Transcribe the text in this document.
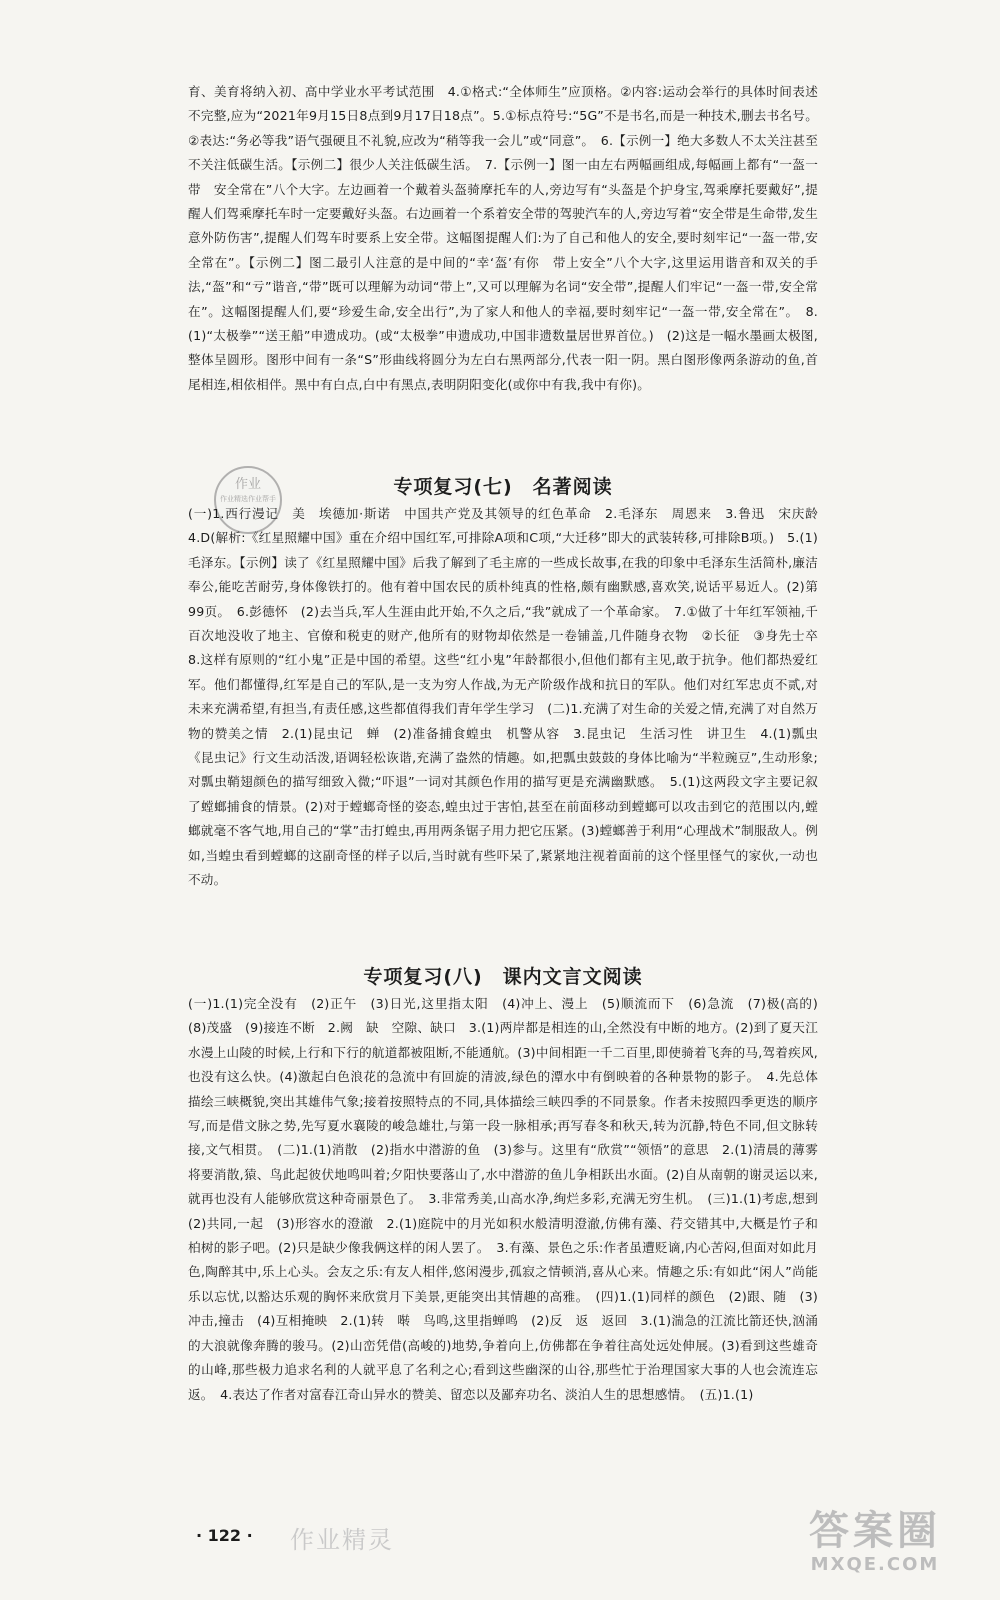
育、美育将纳入初、高中学业水平考试范围　4.①格式:“全体师生”应顶格。②内容:运动会举行的具体时间表述不完整,应为“2021年9月15日8点到9月17日18点”。5.①标点符号:“5G”不是书名,而是一种技术,删去书名号。②表达:“务必等我”语气强硬且不礼貌,应改为“稍等我一会儿”或“同意”。　6.【示例一】绝大多数人不太关注甚至不关注低碳生活。【示例二】很少人关注低碳生活。　7.【示例一】图一由左右两幅画组成,每幅画上都有“一盔一带　安全常在”八个大字。左边画着一个戴着头盔骑摩托车的人,旁边写有“头盔是个护身宝,驾乘摩托要戴好”,提醒人们驾乘摩托车时一定要戴好头盔。右边画着一个系着安全带的驾驶汽车的人,旁边写着“安全带是生命带,发生意外防伤害”,提醒人们驾车时要系上安全带。这幅图提醒人们:为了自己和他人的安全,要时刻牢记“一盔一带,安全常在”。【示例二】图二最引人注意的是中间的“幸‘盔’有你　带上安全”八个大字,这里运用谐音和双关的手法,“盔”和“亏”谐音,“带”既可以理解为动词“带上”,又可以理解为名词“安全带”,提醒人们牢记“一盔一带,安全常在”。这幅图提醒人们,要“珍爱生命,安全出行”,为了家人和他人的幸福,要时刻牢记“一盔一带,安全常在”。　8.(1)“太极拳”“送王船”申遗成功。(或“太极拳”申遗成功,中国非遗数量居世界首位。)　(2)这是一幅水墨画太极图,整体呈圆形。图形中间有一条“S”形曲线将圆分为左白右黑两部分,代表一阳一阴。黑白图形像两条游动的鱼,首尾相连,相依相伴。黑中有白点,白中有黑点,表明阴阳变化(或你中有我,我中有你)。

作业
作业精选作业帮手
专项复习(七)　名著阅读

(一)1.西行漫记　美　埃德加·斯诺　中国共产党及其领导的红色革命　2.毛泽东　周恩来　3.鲁迅　宋庆龄　4.D(解析:《红星照耀中国》重在介绍中国红军,可排除A项和C项,“大迁移”即大的武装转移,可排除B项。)　5.(1)毛泽东。【示例】读了《红星照耀中国》后我了解到了毛主席的一些成长故事,在我的印象中毛泽东生活简朴,廉洁奉公,能吃苦耐劳,身体像铁打的。他有着中国农民的质朴纯真的性格,颇有幽默感,喜欢笑,说话平易近人。(2)第99页。　6.彭德怀　(2)去当兵,军人生涯由此开始,不久之后,“我”就成了一个革命家。　7.①做了十年红军领袖,千百次地没收了地主、官僚和税吏的财产,他所有的财物却依然是一卷铺盖,几件随身衣物　②长征　③身先士卒　8.这样有原则的“红小鬼”正是中国的希望。这些“红小鬼”年龄都很小,但他们都有主见,敢于抗争。他们都热爱红军。他们都懂得,红军是自己的军队,是一支为穷人作战,为无产阶级作战和抗日的军队。他们对红军忠贞不贰,对未来充满希望,有担当,有责任感,这些都值得我们青年学生学习　(二)1.充满了对生命的关爱之情,充满了对自然万物的赞美之情　2.(1)昆虫记　蝉　(2)准备捕食蝗虫　机警从容　3.昆虫记　生活习性　讲卫生　4.(1)瓢虫　《昆虫记》行文生动活泼,语调轻松诙谐,充满了盎然的情趣。如,把瓢虫鼓鼓的身体比喻为“半粒豌豆”,生动形象;对瓢虫鞘翅颜色的描写细致入微;“吓退”一词对其颜色作用的描写更是充满幽默感。　5.(1)这两段文字主要记叙了螳螂捕食的情景。(2)对于螳螂奇怪的姿态,蝗虫过于害怕,甚至在前面移动到螳螂可以攻击到它的范围以内,螳螂就毫不客气地,用自己的“掌”击打蝗虫,再用两条锯子用力把它压紧。(3)螳螂善于利用“心理战术”制服敌人。例如,当蝗虫看到螳螂的这副奇怪的样子以后,当时就有些吓呆了,紧紧地注视着面前的这个怪里怪气的家伙,一动也不动。

专项复习(八)　课内文言文阅读

(一)1.(1)完全没有　(2)正午　(3)日光,这里指太阳　(4)冲上、漫上　(5)顺流而下　(6)急流　(7)极(高的)　(8)茂盛　(9)接连不断　2.阙　缺　空隙、缺口　3.(1)两岸都是相连的山,全然没有中断的地方。(2)到了夏天江水漫上山陵的时候,上行和下行的航道都被阻断,不能通航。(3)中间相距一千二百里,即使骑着飞奔的马,驾着疾风,也没有这么快。(4)激起白色浪花的急流中有回旋的清波,绿色的潭水中有倒映着的各种景物的影子。　4.先总体描绘三峡概貌,突出其雄伟气象;接着按照特点的不同,具体描绘三峡四季的不同景象。作者未按照四季更迭的顺序写,而是借文脉之势,先写夏水襄陵的峻急雄壮,与第一段一脉相承;再写春冬和秋天,转为沉静,特色不同,但文脉转接,文气相贯。　(二)1.(1)消散　(2)指水中潜游的鱼　(3)参与。这里有“欣赏”“领悟”的意思　2.(1)清晨的薄雾将要消散,猿、鸟此起彼伏地鸣叫着;夕阳快要落山了,水中潜游的鱼儿争相跃出水面。(2)自从南朝的谢灵运以来,就再也没有人能够欣赏这种奇丽景色了。　3.非常秀美,山高水净,绚烂多彩,充满无穷生机。　(三)1.(1)考虑,想到　(2)共同,一起　(3)形容水的澄澈　2.(1)庭院中的月光如积水般清明澄澈,仿佛有藻、荇交错其中,大概是竹子和柏树的影子吧。(2)只是缺少像我俩这样的闲人罢了。　3.有藻、景色之乐:作者虽遭贬谪,内心苦闷,但面对如此月色,陶醉其中,乐上心头。会友之乐:有友人相伴,悠闲漫步,孤寂之情顿消,喜从心来。情趣之乐:有如此“闲人”尚能乐以忘忧,以豁达乐观的胸怀来欣赏月下美景,更能突出其情趣的高雅。　(四)1.(1)同样的颜色　(2)跟、随　(3)冲击,撞击　(4)互相掩映　2.(1)转　啭　鸟鸣,这里指蝉鸣　(2)反　返　返回　3.(1)湍急的江流比箭还快,汹涌的大浪就像奔腾的骏马。(2)山峦凭借(高峻的)地势,争着向上,仿佛都在争着往高处远处伸展。(3)看到这些雄奇的山峰,那些极力追求名利的人就平息了名利之心;看到这些幽深的山谷,那些忙于治理国家大事的人也会流连忘返。　4.表达了作者对富春江奇山异水的赞美、留恋以及鄙弃功名、淡泊人生的思想感情。　(五)1.(1)

· 122 · 作业精灵	答案圈
MXQE.COM
